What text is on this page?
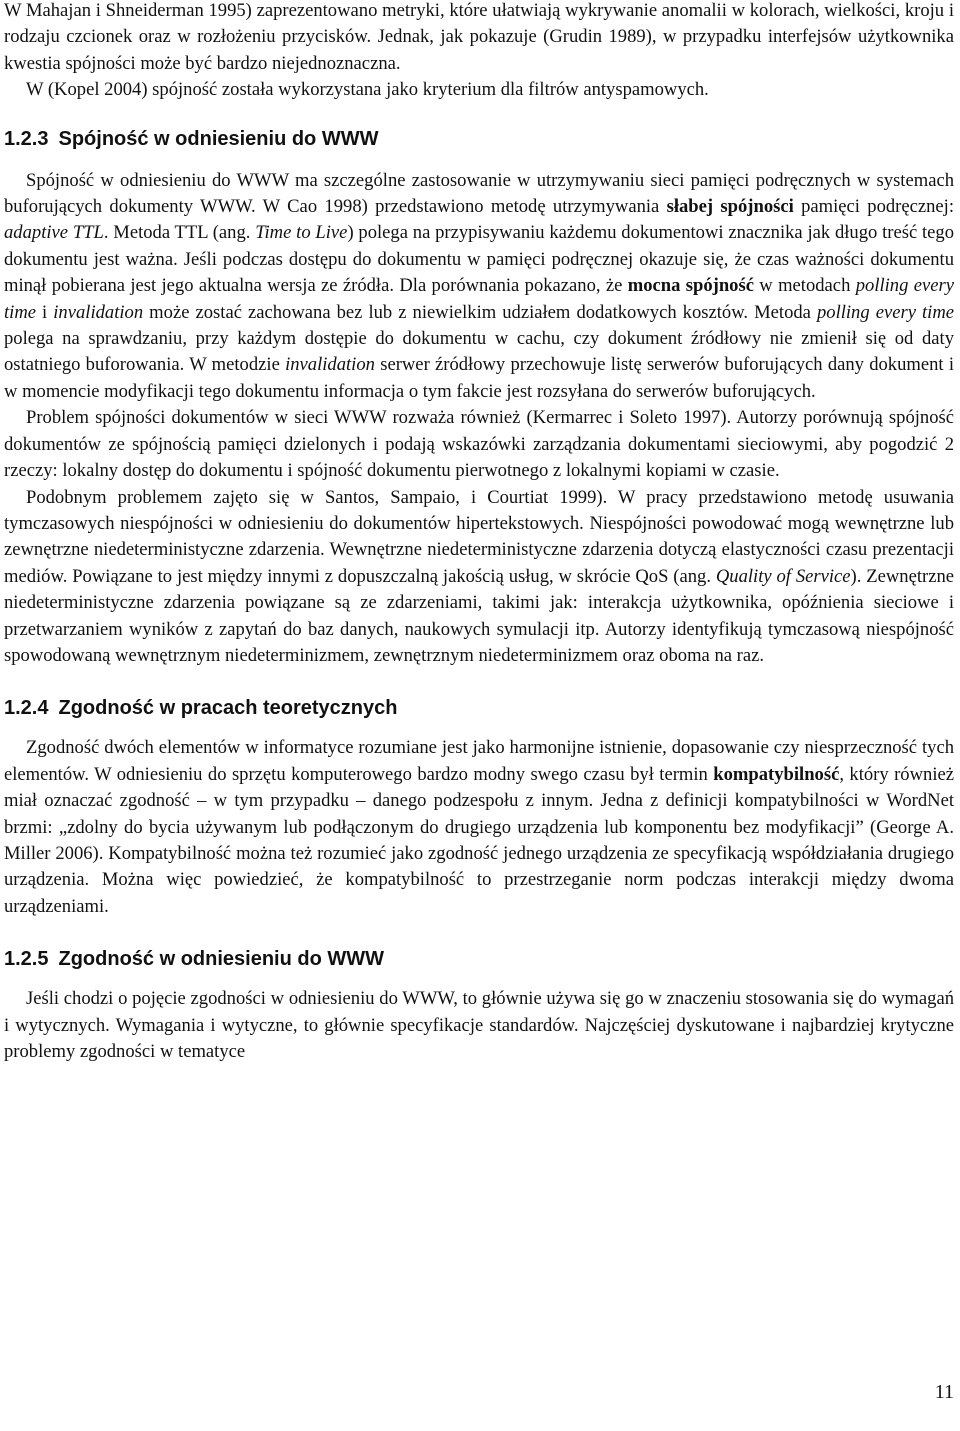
W Mahajan i Shneiderman 1995) zaprezentowano metryki, które ułatwiają wykrywanie anomalii w kolorach, wielkości, kroju i rodzaju czcionek oraz w rozłożeniu przycisków. Jednak, jak pokazuje (Grudin 1989), w przypadku interfejsów użytkownika kwestia spójności może być bardzo niejednoznaczna.

W (Kopel 2004) spójność została wykorzystana jako kryterium dla filtrów antyspamowych.

1.2.3 Spójność w odniesieniu do WWW

Spójność w odniesieniu do WWW ma szczególne zastosowanie w utrzymywaniu sieci pamięci podręcznych w systemach buforujących dokumenty WWW. W Cao 1998) przedstawiono metodę utrzymywania słabej spójności pamięci podręcznej: adaptive TTL. Metoda TTL (ang. Time to Live) polega na przypisywaniu każdemu dokumentowi znacznika jak długo treść tego dokumentu jest ważna. Jeśli podczas dostępu do dokumentu w pamięci podręcznej okazuje się, że czas ważności dokumentu minął pobierana jest jego aktualna wersja ze źródła. Dla porównania pokazano, że mocna spójność w metodach polling every time i invalidation może zostać zachowana bez lub z niewielkim udziałem dodatkowych kosztów. Metoda polling every time polega na sprawdzaniu, przy każdym dostępie do dokumentu w cachu, czy dokument źródłowy nie zmienił się od daty ostatniego buforowania. W metodzie invalidation serwer źródłowy przechowuje listę serwerów buforujących dany dokument i w momencie modyfikacji tego dokumentu informacja o tym fakcie jest rozsyłana do serwerów buforujących.

Problem spójności dokumentów w sieci WWW rozważa również (Kermarrec i Soleto 1997). Autorzy porównują spójność dokumentów ze spójnością pamięci dzielonych i podają wskazówki zarządzania dokumentami sieciowymi, aby pogodzić 2 rzeczy: lokalny dostęp do dokumentu i spójność dokumentu pierwotnego z lokalnymi kopiami w czasie.

Podobnym problemem zajęto się w Santos, Sampaio, i Courtiat 1999). W pracy przedstawiono metodę usuwania tymczasowych niespójności w odniesieniu do dokumentów hipertekstowych. Niespójności powodować mogą wewnętrzne lub zewnętrzne niedeterministyczne zdarzenia. Wewnętrzne niedeterministyczne zdarzenia dotyczą elastyczności czasu prezentacji mediów. Powiązane to jest między innymi z dopuszczalną jakością usług, w skrócie QoS (ang. Quality of Service). Zewnętrzne niedeterministyczne zdarzenia powiązane są ze zdarzeniami, takimi jak: interakcja użytkownika, opóźnienia sieciowe i przetwarzaniem wyników z zapytań do baz danych, naukowych symulacji itp. Autorzy identyfikują tymczasową niespójność spowodowaną wewnętrznym niedeterminizmem, zewnętrznym niedeterminizmem oraz oboma na raz.

1.2.4 Zgodność w pracach teoretycznych

Zgodność dwóch elementów w informatyce rozumiane jest jako harmonijne istnienie, dopasowanie czy niesprzeczność tych elementów. W odniesieniu do sprzętu komputerowego bardzo modny swego czasu był termin kompatybilność, który również miał oznaczać zgodność – w tym przypadku – danego podzespołu z innym. Jedna z definicji kompatybilności w WordNet brzmi: „zdolny do bycia używanym lub podłączonym do drugiego urządzenia lub komponentu bez modyfikacji” (George A. Miller 2006). Kompatybilność można też rozumieć jako zgodność jednego urządzenia ze specyfikacją współdziałania drugiego urządzenia. Można więc powiedzieć, że kompatybilność to przestrzeganie norm podczas interakcji między dwoma urządzeniami.

1.2.5 Zgodność w odniesieniu do WWW

Jeśli chodzi o pojęcie zgodności w odniesieniu do WWW, to głównie używa się go w znaczeniu stosowania się do wymagań i wytycznych. Wymagania i wytyczne, to głównie specyfikacje standardów. Najczęściej dyskutowane i najbardziej krytyczne problemy zgodności w tematyce

11
